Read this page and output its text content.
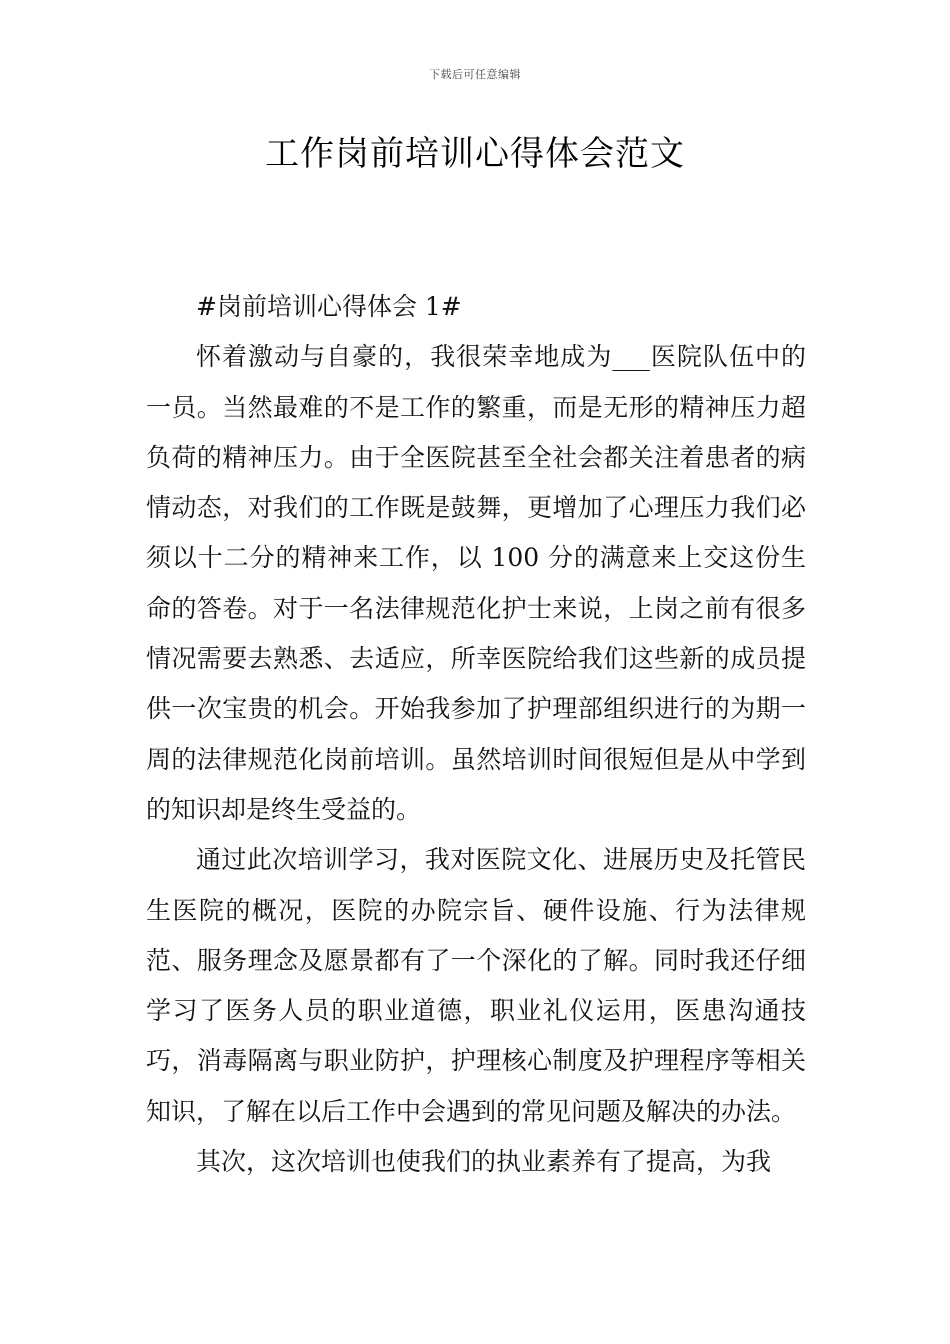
下载后可任意编辑
工作岗前培训心得体会范文

#岗前培训心得体会 1#

怀着激动与自豪的，我很荣幸地成为___医院队伍中的一员。当然最难的不是工作的繁重，而是无形的精神压力超负荷的精神压力。由于全医院甚至全社会都关注着患者的病情动态，对我们的工作既是鼓舞，更增加了心理压力我们必须以十二分的精神来工作，以 100 分的满意来上交这份生命的答卷。对于一名法律规范化护士来说，上岗之前有很多情况需要去熟悉、去适应，所幸医院给我们这些新的成员提供一次宝贵的机会。开始我参加了护理部组织进行的为期一周的法律规范化岗前培训。虽然培训时间很短但是从中学到的知识却是终生受益的。

通过此次培训学习，我对医院文化、进展历史及托管民生医院的概况，医院的办院宗旨、硬件设施、行为法律规范、服务理念及愿景都有了一个深化的了解。同时我还仔细学习了医务人员的职业道德，职业礼仪运用，医患沟通技巧，消毒隔离与职业防护，护理核心制度及护理程序等相关知识，了解在以后工作中会遇到的常见问题及解决的办法。

其次，这次培训也使我们的执业素养有了提高，为我
